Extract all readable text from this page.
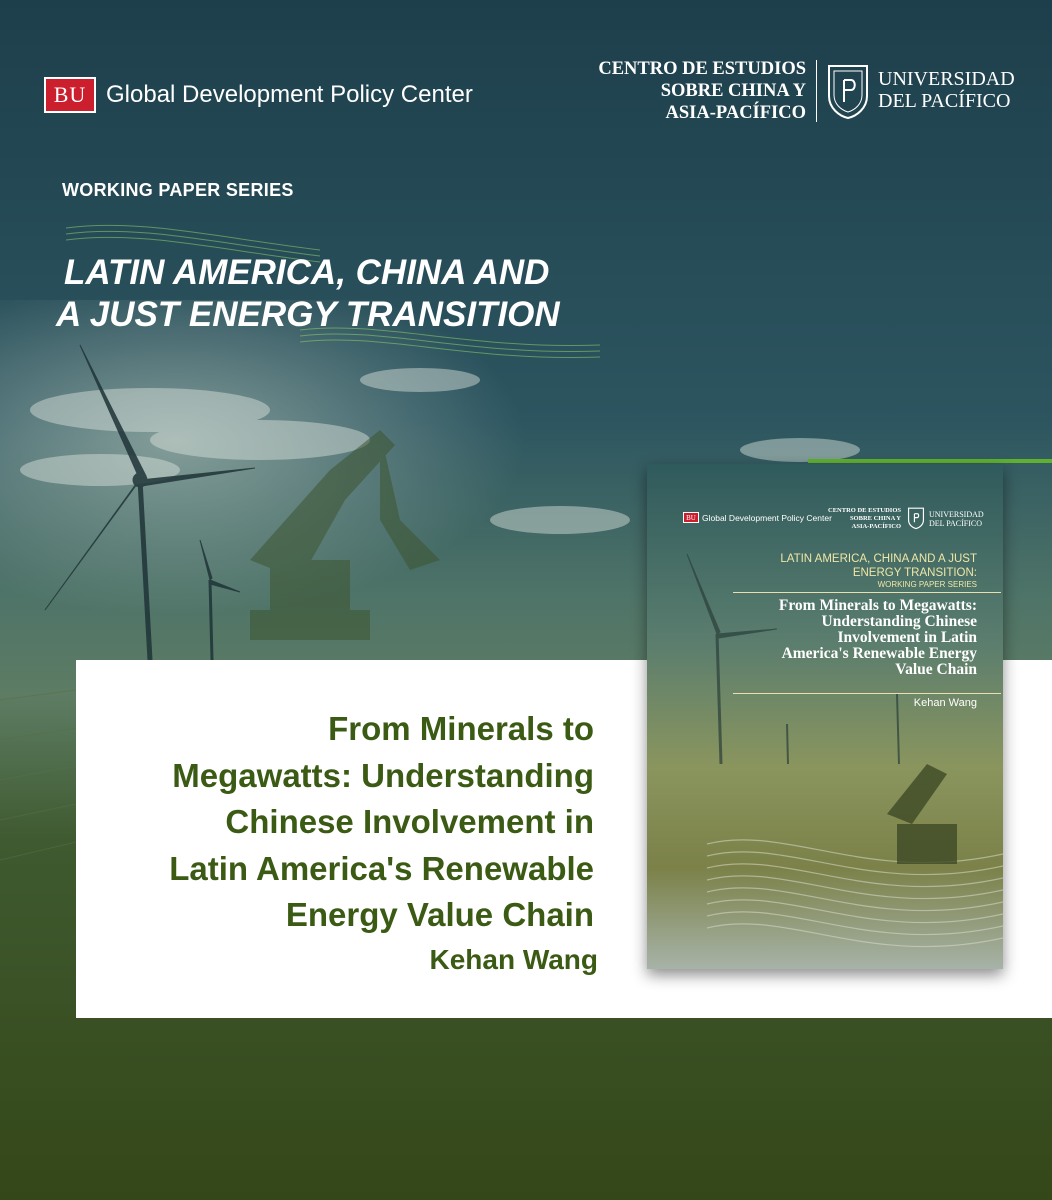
BU Global Development Policy Center
CENTRO DE ESTUDIOS
SOBRE CHINA Y
ASIA-PACÍFICO
UNIVERSIDAD
DEL PACÍFICO
WORKING PAPER SERIES
LATIN AMERICA, CHINA AND
A JUST ENERGY TRANSITION
From Minerals to
Megawatts: Understanding
Chinese Involvement in
Latin America's Renewable
Energy Value Chain
Kehan Wang
BU Global Development Policy Center
CENTRO DE ESTUDIOS
SOBRE CHINA Y
ASIA-PACÍFICO
UNIVERSIDAD
DEL PACÍFICO
LATIN AMERICA, CHINA AND A JUST
ENERGY TRANSITION:
WORKING PAPER SERIES
From Minerals to Megawatts:
Understanding Chinese
Involvement in Latin
America's Renewable Energy
Value Chain
Kehan Wang
